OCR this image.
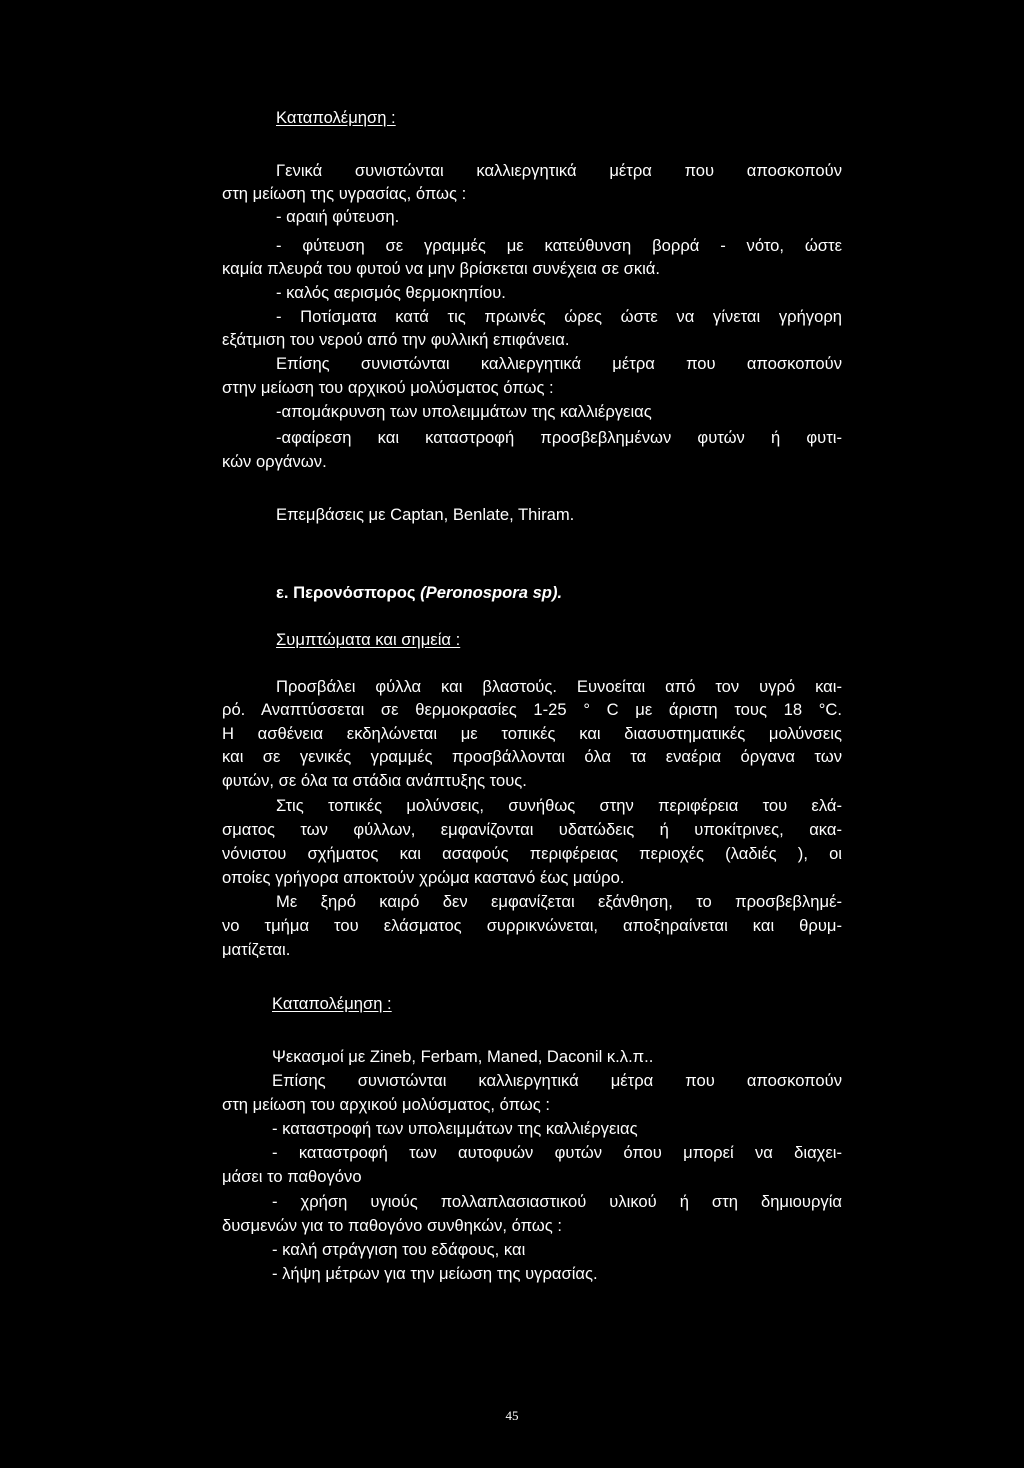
Καταπολέμηση :
Γενικά συνιστώνται καλλιεργητικά μέτρα που αποσκοπούν
στη μείωση της υγρασίας, όπως :
- αραιή φύτευση.
- φύτευση σε γραμμές με κατεύθυνση βορρά - νότο, ώστε
καμία πλευρά του φυτού να μην βρίσκεται συνέχεια σε σκιά.
- καλός αερισμός θερμοκηπίου.
- Ποτίσματα κατά τις πρωινές ώρες ώστε να γίνεται γρήγορη
εξάτμιση του νερού από την φυλλική επιφάνεια.
Επίσης συνιστώνται καλλιεργητικά μέτρα που αποσκοπούν
στην μείωση του αρχικού μολύσματος όπως :
-απομάκρυνση των υπολειμμάτων της καλλιέργειας
-αφαίρεση και καταστροφή προσβεβλημένων φυτών ή φυτι-
κών οργάνων.
Επεμβάσεις με Captan, Benlate, Thiram.
ε. Περονόσπορος (Peronospora sp).
Συμπτώματα και σημεία :
Προσβάλει φύλλα και βλαστούς. Ευνοείται από τον υγρό και-
ρό. Αναπτύσσεται σε θερμοκρασίες 1-25 ° C με άριστη τους 18 °C.
Η ασθένεια εκδηλώνεται με τοπικές και διασυστηματικές μολύνσεις
και σε γενικές γραμμές προσβάλλονται όλα τα εναέρια όργανα των
φυτών, σε όλα τα στάδια ανάπτυξης τους.
Στις τοπικές μολύνσεις, συνήθως στην περιφέρεια του ελά-
σματος των φύλλων, εμφανίζονται υδατώδεις ή υποκίτρινες, ακα-
νόνιστου σχήματος και ασαφούς περιφέρειας περιοχές (λαδιές ), οι
οποίες γρήγορα αποκτούν χρώμα καστανό έως μαύρο.
Με ξηρό καιρό δεν εμφανίζεται εξάνθηση, το προσβεβλημέ-
νο τμήμα του ελάσματος συρρικνώνεται, αποξηραίνεται και θρυμ-
ματίζεται.
Καταπολέμηση :
Ψεκασμοί με Zineb, Ferbam, Maned, Daconil κ.λ.π..
Επίσης συνιστώνται καλλιεργητικά μέτρα που αποσκοπούν
στη μείωση του αρχικού μολύσματος, όπως :
- καταστροφή των υπολειμμάτων της καλλιέργειας
- καταστροφή των αυτοφυών φυτών όπου μπορεί να διαχει-
μάσει το παθογόνο
- χρήση υγιούς πολλαπλασιαστικού υλικού ή στη δημιουργία
δυσμενών για το παθογόνο συνθηκών, όπως :
- καλή στράγγιση του εδάφους, και
- λήψη μέτρων για την μείωση της υγρασίας.
45
